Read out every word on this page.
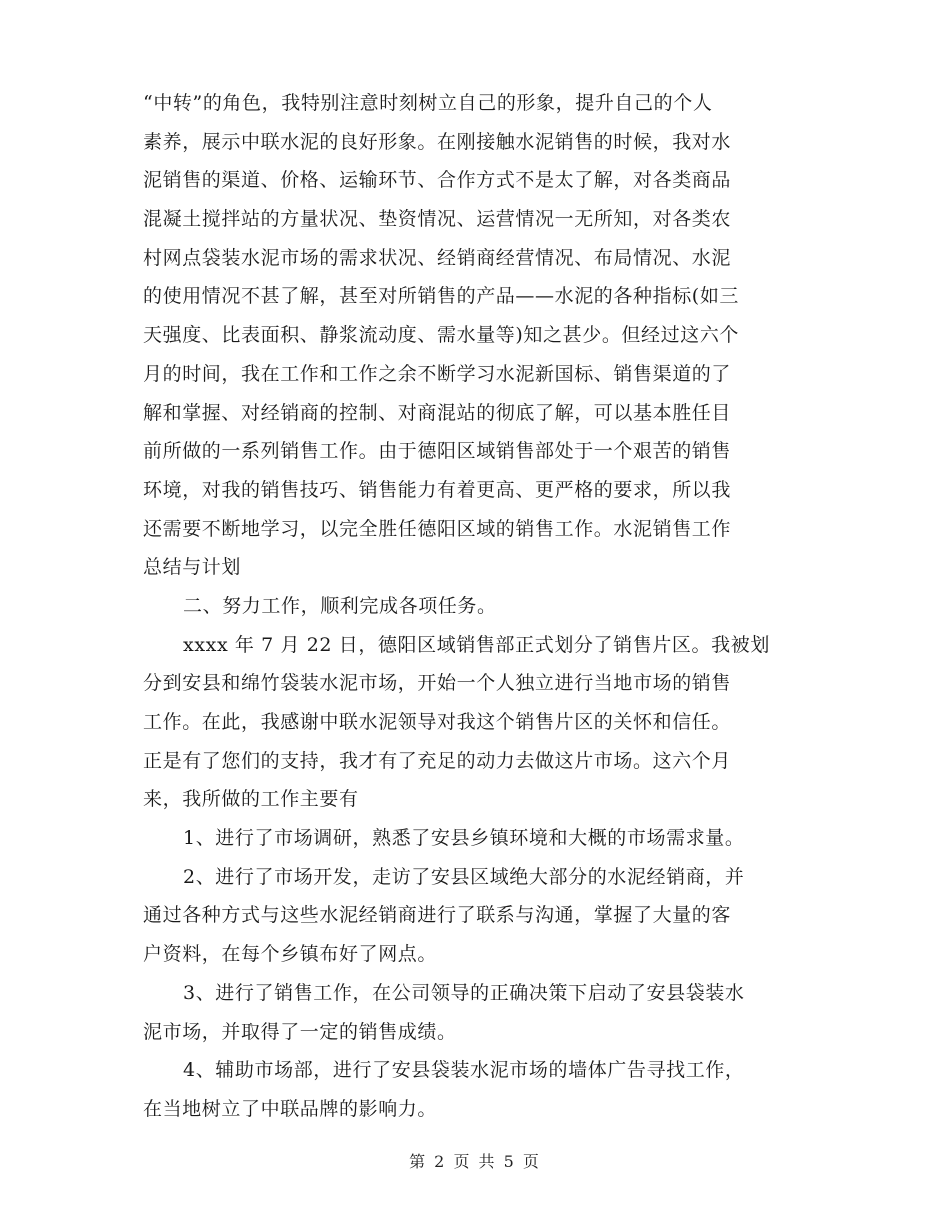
“中转”的角色，我特别注意时刻树立自己的形象，提升自己的个人
素养，展示中联水泥的良好形象。在刚接触水泥销售的时候，我对水
泥销售的渠道、价格、运输环节、合作方式不是太了解，对各类商品
混凝土搅拌站的方量状况、垫资情况、运营情况一无所知，对各类农
村网点袋装水泥市场的需求状况、经销商经营情况、布局情况、水泥
的使用情况不甚了解，甚至对所销售的产品——水泥的各种指标(如三
天强度、比表面积、静浆流动度、需水量等)知之甚少。但经过这六个
月的时间，我在工作和工作之余不断学习水泥新国标、销售渠道的了
解和掌握、对经销商的控制、对商混站的彻底了解，可以基本胜任目
前所做的一系列销售工作。由于德阳区域销售部处于一个艰苦的销售
环境，对我的销售技巧、销售能力有着更高、更严格的要求，所以我
还需要不断地学习，以完全胜任德阳区域的销售工作。水泥销售工作
总结与计划
二、努力工作，顺利完成各项任务。
xxxx 年 7 月 22 日，德阳区域销售部正式划分了销售片区。我被划
分到安县和绵竹袋装水泥市场，开始一个人独立进行当地市场的销售
工作。在此，我感谢中联水泥领导对我这个销售片区的关怀和信任。
正是有了您们的支持，我才有了充足的动力去做这片市场。这六个月
来，我所做的工作主要有
1、进行了市场调研，熟悉了安县乡镇环境和大概的市场需求量。
2、进行了市场开发，走访了安县区域绝大部分的水泥经销商，并
通过各种方式与这些水泥经销商进行了联系与沟通，掌握了大量的客
户资料，在每个乡镇布好了网点。
3、进行了销售工作，在公司领导的正确决策下启动了安县袋装水
泥市场，并取得了一定的销售成绩。
4、辅助市场部，进行了安县袋装水泥市场的墙体广告寻找工作，
在当地树立了中联品牌的影响力。
第 2 页 共 5 页
